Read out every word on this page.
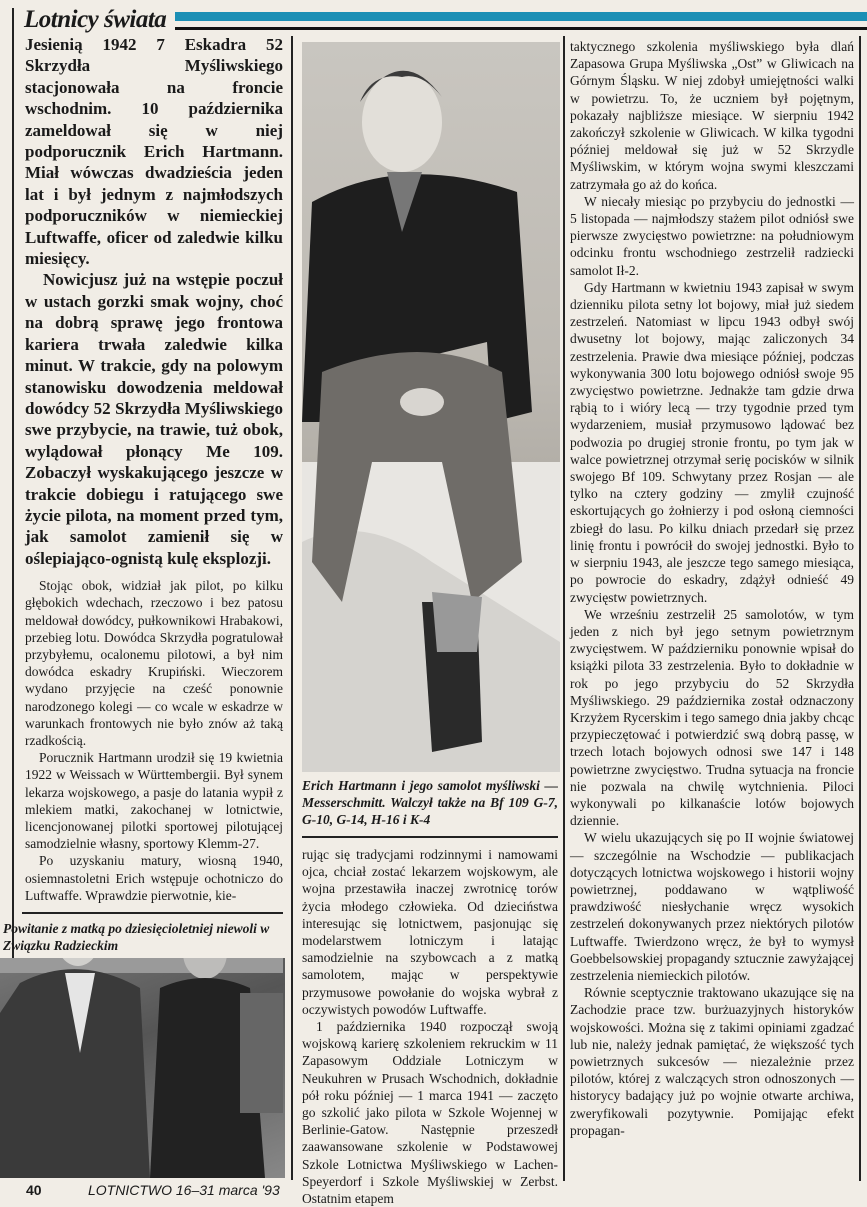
Lotnicy świata

Jesienią 1942 7 Eskadra 52 Skrzydła Myśliwskiego stacjonowała na froncie wschodnim. 10 października zameldował się w niej podporucznik Erich Hartmann. Miał wówczas dwadzieścia jeden lat i był jednym z najmłodszych podporuczników w niemieckiej Luftwaffe, oficer od zaledwie kilku miesięcy.

Nowicjusz już na wstępie poczuł w ustach gorzki smak wojny, choć na dobrą sprawę jego frontowa kariera trwała zaledwie kilka minut. W trakcie, gdy na polowym stanowisku dowodzenia meldował dowódcy 52 Skrzydła Myśliwskiego swe przybycie, na trawie, tuż obok, wylądował płonący Me 109. Zobaczył wyskakującego jeszcze w trakcie dobiegu i ratującego swe życie pilota, na moment przed tym, jak samolot zamienił się w oślepiająco-ognistą kulę eksplozji.

Stojąc obok, widział jak pilot, po kilku głębokich wdechach, rzeczowo i bez patosu meldował dowódcy, pułkownikowi Hrabakowi, przebieg lotu. Dowódca Skrzydła pogratulował przybyłemu, ocalonemu pilotowi, a był nim dowódca eskadry Krupiński. Wieczorem wydano przyjęcie na cześć ponownie narodzonego kolegi — co wcale w eskadrze w warunkach frontowych nie było znów aż taką rzadkością.

Porucznik Hartmann urodził się 19 kwietnia 1922 w Weissach w Württembergii. Był synem lekarza wojskowego, a pasje do latania wypił z mlekiem matki, zakochanej w lotnictwie, licencjonowanej pilotki sportowej pilotującej samodzielnie własny, sportowy Klemm-27.

Po uzyskaniu matury, wiosną 1940, osiemnastoletni Erich wstępuje ochotniczo do Luftwaffe. Wprawdzie pierwotnie, kie-

Powitanie z matką po dziesięcioletniej niewoli w Związku Radzieckim
Erich Hartmann i jego samolot myśliwski — Messerschmitt. Walczył także na Bf 109 G-7, G-10, G-14, H-16 i K-4

rując się tradycjami rodzinnymi i namowami ojca, chciał zostać lekarzem wojskowym, ale wojna przestawiła inaczej zwrotnicę torów życia młodego człowieka. Od dzieciństwa interesując się lotnictwem, pasjonując się modelarstwem lotniczym i latając samodzielnie na szybowcach a z matką samolotem, mając w perspektywie przymusowe powołanie do wojska wybrał z oczywistych powodów Luftwaffe.

1 października 1940 rozpoczął swoją wojskową karierę szkoleniem rekruckim w 11 Zapasowym Oddziale Lotniczym w Neukuhren w Prusach Wschodnich, dokładnie pół roku później — 1 marca 1941 — zaczęto go szkolić jako pilota w Szkole Wojennej w Berlinie-Gatow. Następnie przeszedł zaawansowane szkolenie w Podstawowej Szkole Lotnictwa Myśliwskiego w Lachen-Speyerdorf i Szkole Myśliwskiej w Zerbst. Ostatnim etapem

taktycznego szkolenia myśliwskiego była dlań Zapasowa Grupa Myśliwska „Ost” w Gliwicach na Górnym Śląsku. W niej zdobył umiejętności walki w powietrzu. To, że uczniem był pojętnym, pokazały najbliższe miesiące. W sierpniu 1942 zakończył szkolenie w Gliwicach. W kilka tygodni później meldował się już w 52 Skrzydle Myśliwskim, w którym wojna swymi kleszczami zatrzymała go aż do końca.

W niecały miesiąc po przybyciu do jednostki — 5 listopada — najmłodszy stażem pilot odniósł swe pierwsze zwycięstwo powietrzne: na południowym odcinku frontu wschodniego zestrzelił radziecki samolot Ił-2.

Gdy Hartmann w kwietniu 1943 zapisał w swym dzienniku pilota setny lot bojowy, miał już siedem zestrzeleń. Natomiast w lipcu 1943 odbył swój dwusetny lot bojowy, mając zaliczonych 34 zestrzelenia. Prawie dwa miesiące później, podczas wykonywania 300 lotu bojowego odniósł swoje 95 zwycięstwo powietrzne. Jednakże tam gdzie drwa rąbią to i wióry lecą — trzy tygodnie przed tym wydarzeniem, musiał przymusowo lądować bez podwozia po drugiej stronie frontu, po tym jak w walce powietrznej otrzymał serię pocisków w silnik swojego Bf 109. Schwytany przez Rosjan — ale tylko na cztery godziny — zmylił czujność eskortujących go żołnierzy i pod osłoną ciemności zbiegł do lasu. Po kilku dniach przedarł się przez linię frontu i powrócił do swojej jednostki. Było to w sierpniu 1943, ale jeszcze tego samego miesiąca, po powrocie do eskadry, zdążył odnieść 49 zwycięstw powietrznych.

We wrześniu zestrzelił 25 samolotów, w tym jeden z nich był jego setnym powietrznym zwycięstwem. W październiku ponownie wpisał do książki pilota 33 zestrzelenia. Było to dokładnie w rok po jego przybyciu do 52 Skrzydła Myśliwskiego. 29 października został odznaczony Krzyżem Rycerskim i tego samego dnia jakby chcąc przypieczętować i potwierdzić swą dobrą passę, w trzech lotach bojowych odnosi swe 147 i 148 powietrzne zwycięstwo. Trudna sytuacja na froncie nie pozwala na chwilę wytchnienia. Piloci wykonywali po kilkanaście lotów bojowych dziennie.

W wielu ukazujących się po II wojnie światowej — szczególnie na Wschodzie — publikacjach dotyczących lotnictwa wojskowego i historii wojny powietrznej, poddawano w wątpliwość prawdziwość niesłychanie wręcz wysokich zestrzeleń dokonywanych przez niektórych pilotów Luftwaffe. Twierdzono wręcz, że był to wymysł Goebbelsowskiej propagandy sztucznie zawyżającej zestrzelenia niemieckich pilotów.

Równie sceptycznie traktowano ukazujące się na Zachodzie prace tzw. burżuazyjnych historyków wojskowości. Można się z takimi opiniami zgadzać lub nie, należy jednak pamiętać, że większość tych powietrznych sukcesów — niezależnie przez pilotów, której z walczących stron odnoszonych — historycy badający już po wojnie otwarte archiwa, zweryfikowali pozytywnie. Pomijając efekt propagan-

40	LOTNICTWO 16–31 marca '93
